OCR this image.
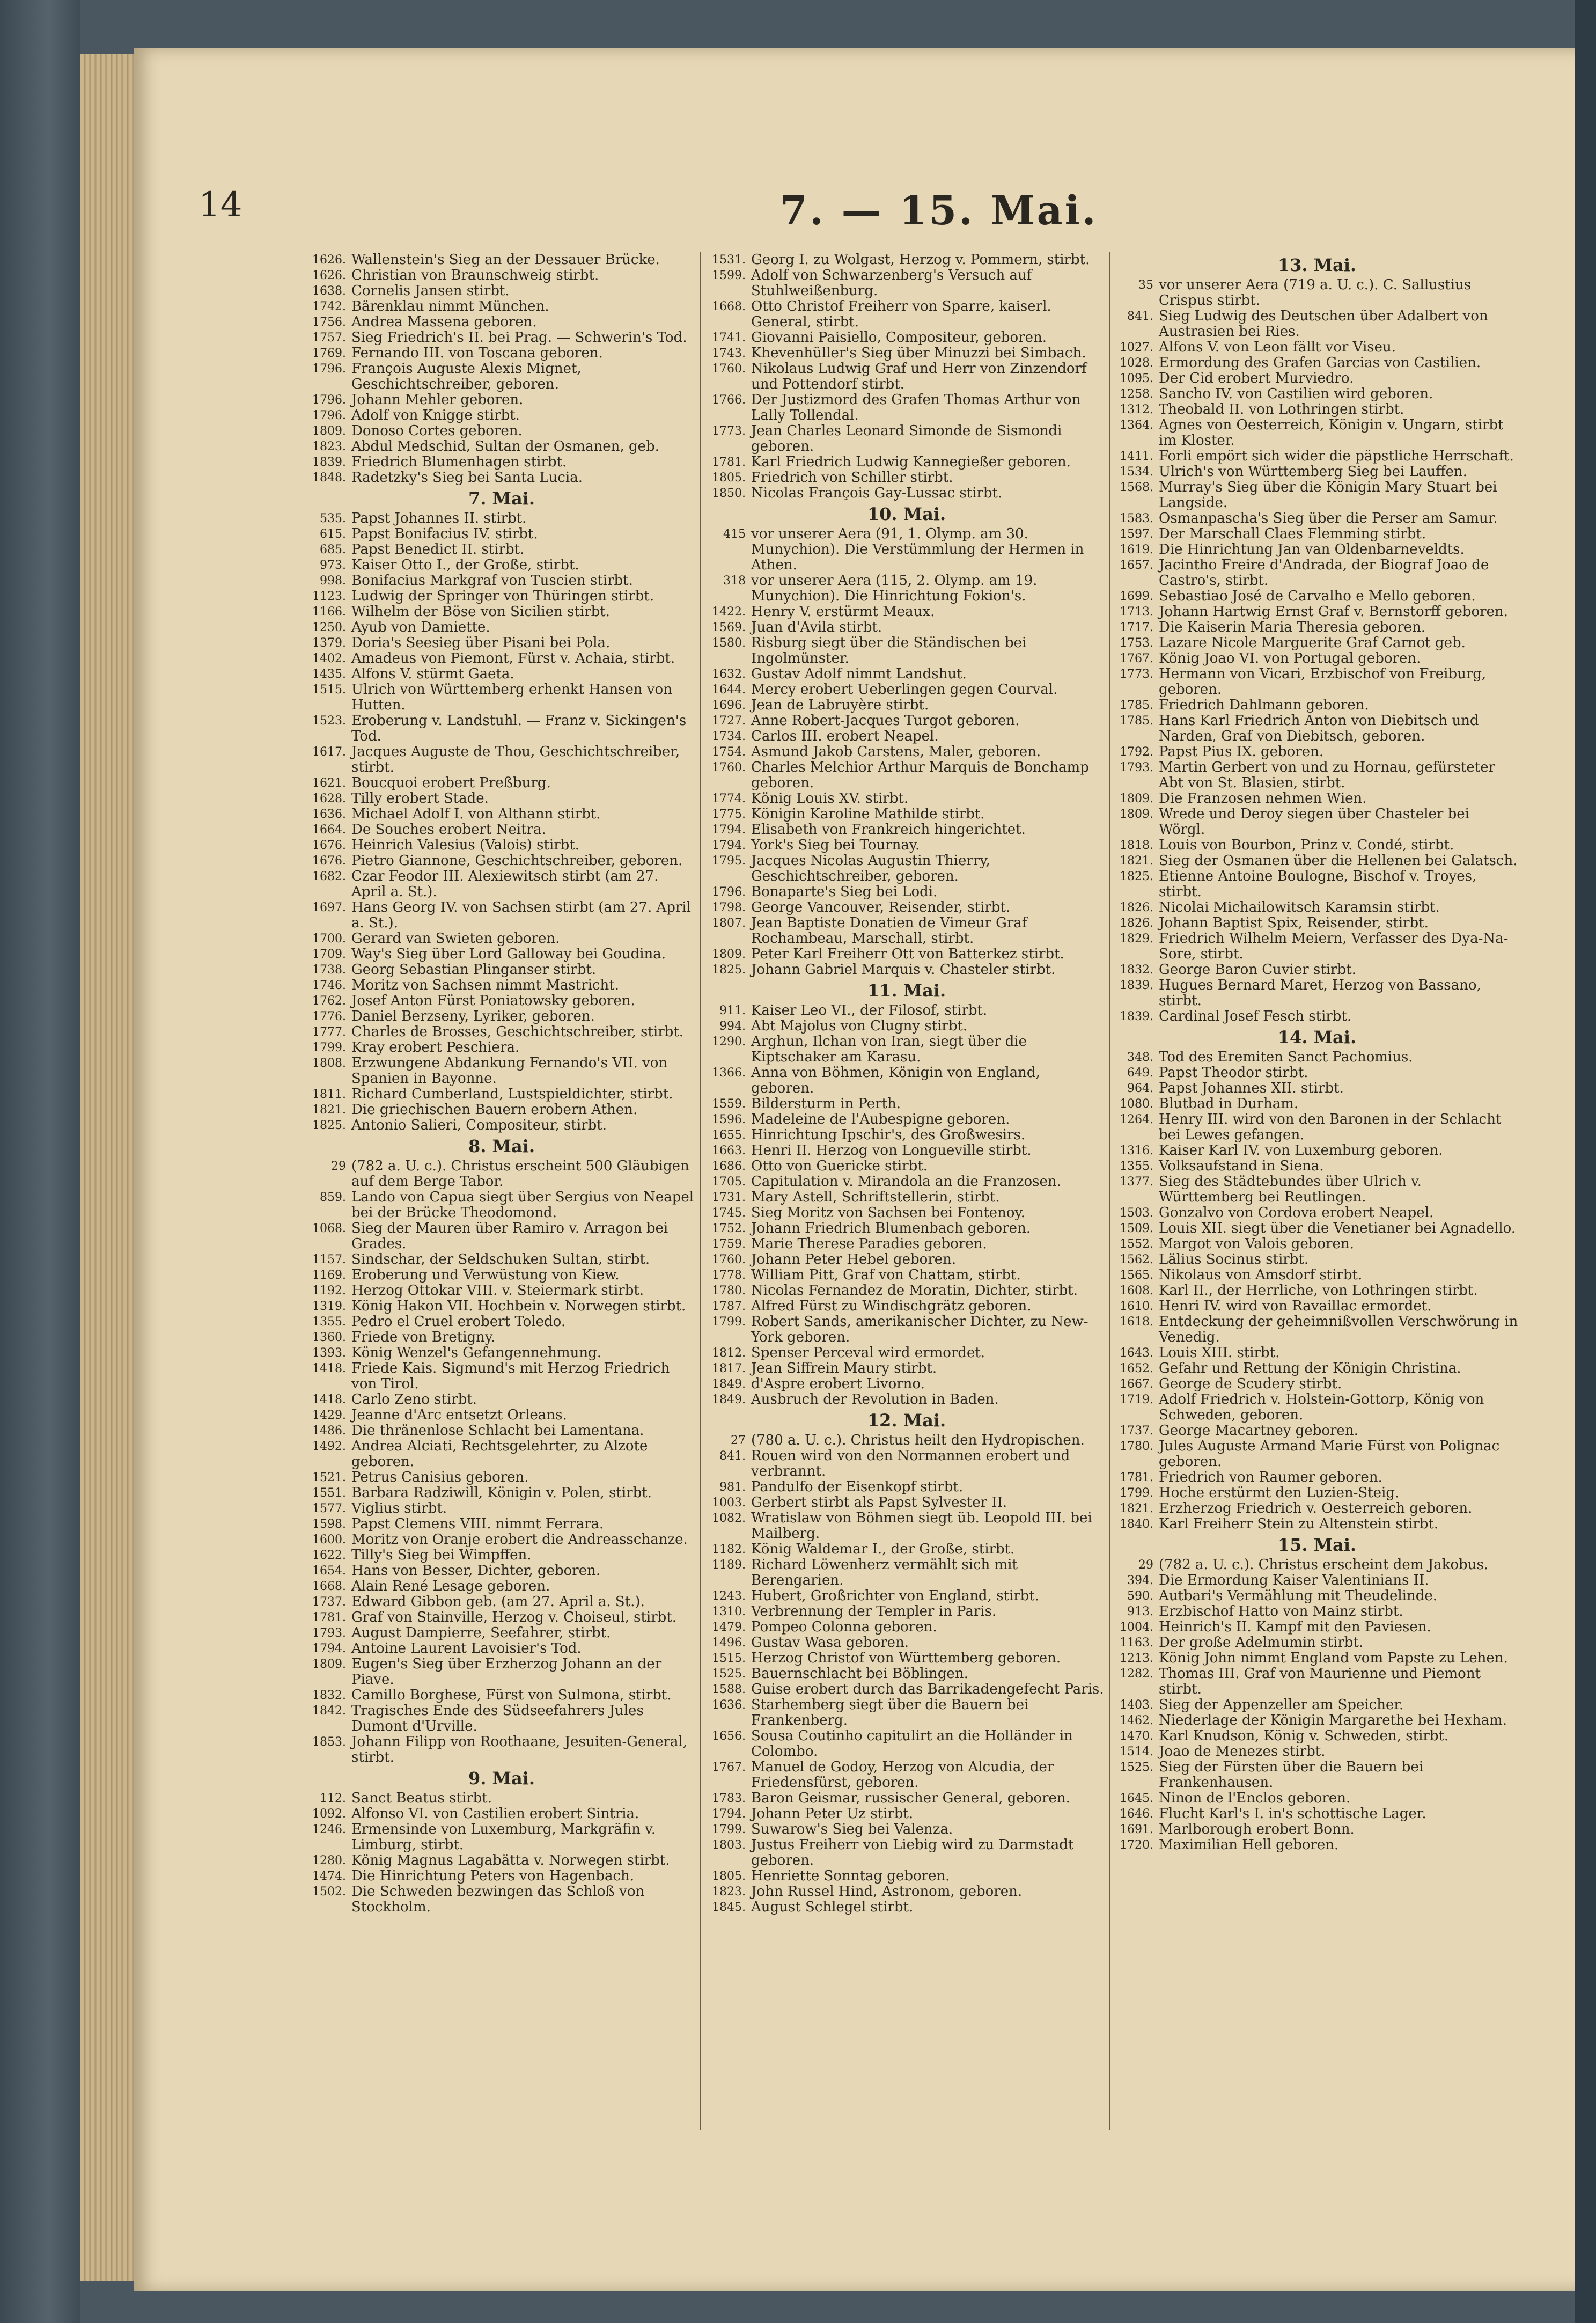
14	7. — 15. Mai.
1626. Wallenstein's Sieg an der Dessauer Brücke.
1626. Christian von Braunschweig stirbt.
1638. Cornelis Jansen stirbt.
1742. Bärenklau nimmt München.
1756. Andrea Massena geboren.
1757. Sieg Friedrich's II. bei Prag. — Schwerin's Tod.
1769. Fernando III. von Toscana geboren.
1796. François Auguste Alexis Mignet, Geschichtschreiber, geboren.
1796. Johann Mehler geboren.
1796. Adolf von Knigge stirbt.
1809. Donoso Cortes geboren.
1823. Abdul Medschid, Sultan der Osmanen, geb.
1839. Friedrich Blumenhagen stirbt.
1848. Radetzky's Sieg bei Santa Lucia.
7. Mai.
535. Papst Johannes II. stirbt.
615. Papst Bonifacius IV. stirbt.
685. Papst Benedict II. stirbt.
973. Kaiser Otto I., der Große, stirbt.
998. Bonifacius Markgraf von Tuscien stirbt.
1123. Ludwig der Springer von Thüringen stirbt.
1166. Wilhelm der Böse von Sicilien stirbt.
1250. Ayub von Damiette.
1379. Doria's Seesieg über Pisani bei Pola.
1402. Amadeus von Piemont, Fürst v. Achaia, stirbt.
1435. Alfons V. stürmt Gaeta.
1515. Ulrich von Württemberg erhenkt Hansen von Hutten.
1523. Eroberung v. Landstuhl. — Franz v. Sickingen's Tod.
1617. Jacques Auguste de Thou, Geschichtschreiber, stirbt.
1621. Boucquoi erobert Preßburg.
1628. Tilly erobert Stade.
1636. Michael Adolf I. von Althann stirbt.
1664. De Souches erobert Neitra.
1676. Heinrich Valesius (Valois) stirbt.
1676. Pietro Giannone, Geschichtschreiber, geboren.
1682. Czar Feodor III. Alexiewitsch stirbt (am 27. April a. St.).
1697. Hans Georg IV. von Sachsen stirbt (am 27. April a. St.).
1700. Gerard van Swieten geboren.
1709. Way's Sieg über Lord Galloway bei Goudina.
1738. Georg Sebastian Plinganser stirbt.
1746. Moritz von Sachsen nimmt Mastricht.
1762. Josef Anton Fürst Poniatowsky geboren.
1776. Daniel Berzseny, Lyriker, geboren.
1777. Charles de Brosses, Geschichtschreiber, stirbt.
1799. Kray erobert Peschiera.
1808. Erzwungene Abdankung Fernando's VII. von Spanien in Bayonne.
1811. Richard Cumberland, Lustspieldichter, stirbt.
1821. Die griechischen Bauern erobern Athen.
1825. Antonio Salieri, Compositeur, stirbt.
8. Mai.
29 (782 a. U. c.). Christus erscheint 500 Gläubigen auf dem Berge Tabor.
859. Lando von Capua siegt über Sergius von Neapel bei der Brücke Theodomond.
1068. Sieg der Mauren über Ramiro v. Arragon bei Grades.
1157. Sindschar, der Seldschuken Sultan, stirbt.
1169. Eroberung und Verwüstung von Kiew.
1192. Herzog Ottokar VIII. v. Steiermark stirbt.
1319. König Hakon VII. Hochbein v. Norwegen stirbt.
1355. Pedro el Cruel erobert Toledo.
1360. Friede von Bretigny.
1393. König Wenzel's Gefangennehmung.
1418. Friede Kais. Sigmund's mit Herzog Friedrich von Tirol.
1418. Carlo Zeno stirbt.
1429. Jeanne d'Arc entsetzt Orleans.
1486. Die thränenlose Schlacht bei Lamentana.
1492. Andrea Alciati, Rechtsgelehrter, zu Alzote geboren.
1521. Petrus Canisius geboren.
1551. Barbara Radziwill, Königin v. Polen, stirbt.
1577. Viglius stirbt.
1598. Papst Clemens VIII. nimmt Ferrara.
1600. Moritz von Oranje erobert die Andreasschanze.
1622. Tilly's Sieg bei Wimpffen.
1654. Hans von Besser, Dichter, geboren.
1668. Alain René Lesage geboren.
1737. Edward Gibbon geb. (am 27. April a. St.).
1781. Graf von Stainville, Herzog v. Choiseul, stirbt.
1793. August Dampierre, Seefahrer, stirbt.
1794. Antoine Laurent Lavoisier's Tod.
1809. Eugen's Sieg über Erzherzog Johann an der Piave.
1832. Camillo Borghese, Fürst von Sulmona, stirbt.
1842. Tragisches Ende des Südseefahrers Jules Dumont d'Urville.
1853. Johann Filipp von Roothaane, Jesuiten-General, stirbt.
9. Mai.
112. Sanct Beatus stirbt.
1092. Alfonso VI. von Castilien erobert Sintria.
1246. Ermensinde von Luxemburg, Markgräfin v. Limburg, stirbt.
1280. König Magnus Lagabätta v. Norwegen stirbt.
1474. Die Hinrichtung Peters von Hagenbach.
1502. Die Schweden bezwingen das Schloß von Stockholm.
1531. Georg I. zu Wolgast, Herzog v. Pommern, stirbt.
1599. Adolf von Schwarzenberg's Versuch auf Stuhlweißenburg.
1668. Otto Christof Freiherr von Sparre, kaiserl. General, stirbt.
1741. Giovanni Paisiello, Compositeur, geboren.
1743. Khevenhüller's Sieg über Minuzzi bei Simbach.
1760. Nikolaus Ludwig Graf und Herr von Zinzendorf und Pottendorf stirbt.
1766. Der Justizmord des Grafen Thomas Arthur von Lally Tollendal.
1773. Jean Charles Leonard Simonde de Sismondi geboren.
1781. Karl Friedrich Ludwig Kannegießer geboren.
1805. Friedrich von Schiller stirbt.
1850. Nicolas François Gay-Lussac stirbt.
10. Mai.
415 vor unserer Aera (91, 1. Olymp. am 30. Munychion). Die Verstümmlung der Hermen in Athen.
318 vor unserer Aera (115, 2. Olymp. am 19. Munychion). Die Hinrichtung Fokion's.
1422. Henry V. erstürmt Meaux.
1569. Juan d'Avila stirbt.
1580. Risburg siegt über die Ständischen bei Ingolmünster.
1632. Gustav Adolf nimmt Landshut.
1644. Mercy erobert Ueberlingen gegen Courval.
1696. Jean de Labruyère stirbt.
1727. Anne Robert-Jacques Turgot geboren.
1734. Carlos III. erobert Neapel.
1754. Asmund Jakob Carstens, Maler, geboren.
1760. Charles Melchior Arthur Marquis de Bonchamp geboren.
1774. König Louis XV. stirbt.
1775. Königin Karoline Mathilde stirbt.
1794. Elisabeth von Frankreich hingerichtet.
1794. York's Sieg bei Tournay.
1795. Jacques Nicolas Augustin Thierry, Geschichtschreiber, geboren.
1796. Bonaparte's Sieg bei Lodi.
1798. George Vancouver, Reisender, stirbt.
1807. Jean Baptiste Donatien de Vimeur Graf Rochambeau, Marschall, stirbt.
1809. Peter Karl Freiherr Ott von Batterkez stirbt.
1825. Johann Gabriel Marquis v. Chasteler stirbt.
11. Mai.
911. Kaiser Leo VI., der Filosof, stirbt.
994. Abt Majolus von Clugny stirbt.
1290. Arghun, Ilchan von Iran, siegt über die Kiptschaker am Karasu.
1366. Anna von Böhmen, Königin von England, geboren.
1559. Bildersturm in Perth.
1596. Madeleine de l'Aubespigne geboren.
1655. Hinrichtung Ipschir's, des Großwesirs.
1663. Henri II. Herzog von Longueville stirbt.
1686. Otto von Guericke stirbt.
1705. Capitulation v. Mirandola an die Franzosen.
1731. Mary Astell, Schriftstellerin, stirbt.
1745. Sieg Moritz von Sachsen bei Fontenoy.
1752. Johann Friedrich Blumenbach geboren.
1759. Marie Therese Paradies geboren.
1760. Johann Peter Hebel geboren.
1778. William Pitt, Graf von Chattam, stirbt.
1780. Nicolas Fernandez de Moratin, Dichter, stirbt.
1787. Alfred Fürst zu Windischgrätz geboren.
1799. Robert Sands, amerikanischer Dichter, zu New-York geboren.
1812. Spenser Perceval wird ermordet.
1817. Jean Siffrein Maury stirbt.
1849. d'Aspre erobert Livorno.
1849. Ausbruch der Revolution in Baden.
12. Mai.
27 (780 a. U. c.). Christus heilt den Hydropischen.
841. Rouen wird von den Normannen erobert und verbrannt.
981. Pandulfo der Eisenkopf stirbt.
1003. Gerbert stirbt als Papst Sylvester II.
1082. Wratislaw von Böhmen siegt üb. Leopold III. bei Mailberg.
1182. König Waldemar I., der Große, stirbt.
1189. Richard Löwenherz vermählt sich mit Berengarien.
1243. Hubert, Großrichter von England, stirbt.
1310. Verbrennung der Templer in Paris.
1479. Pompeo Colonna geboren.
1496. Gustav Wasa geboren.
1515. Herzog Christof von Württemberg geboren.
1525. Bauernschlacht bei Böblingen.
1588. Guise erobert durch das Barrikadengefecht Paris.
1636. Starhemberg siegt über die Bauern bei Frankenberg.
1656. Sousa Coutinho capitulirt an die Holländer in Colombo.
1767. Manuel de Godoy, Herzog von Alcudia, der Friedensfürst, geboren.
1783. Baron Geismar, russischer General, geboren.
1794. Johann Peter Uz stirbt.
1799. Suwarow's Sieg bei Valenza.
1803. Justus Freiherr von Liebig wird zu Darmstadt geboren.
1805. Henriette Sonntag geboren.
1823. John Russel Hind, Astronom, geboren.
1845. August Schlegel stirbt.
13. Mai.
35 vor unserer Aera (719 a. U. c.). C. Sallustius Crispus stirbt.
841. Sieg Ludwig des Deutschen über Adalbert von Austrasien bei Ries.
1027. Alfons V. von Leon fällt vor Viseu.
1028. Ermordung des Grafen Garcias von Castilien.
1095. Der Cid erobert Murviedro.
1258. Sancho IV. von Castilien wird geboren.
1312. Theobald II. von Lothringen stirbt.
1364. Agnes von Oesterreich, Königin v. Ungarn, stirbt im Kloster.
1411. Forli empört sich wider die päpstliche Herrschaft.
1534. Ulrich's von Württemberg Sieg bei Lauffen.
1568. Murray's Sieg über die Königin Mary Stuart bei Langside.
1583. Osmanpascha's Sieg über die Perser am Samur.
1597. Der Marschall Claes Flemming stirbt.
1619. Die Hinrichtung Jan van Oldenbarneveldts.
1657. Jacintho Freire d'Andrada, der Biograf Joao de Castro's, stirbt.
1699. Sebastiao José de Carvalho e Mello geboren.
1713. Johann Hartwig Ernst Graf v. Bernstorff geboren.
1717. Die Kaiserin Maria Theresia geboren.
1753. Lazare Nicole Marguerite Graf Carnot geb.
1767. König Joao VI. von Portugal geboren.
1773. Hermann von Vicari, Erzbischof von Freiburg, geboren.
1785. Friedrich Dahlmann geboren.
1785. Hans Karl Friedrich Anton von Diebitsch und Narden, Graf von Diebitsch, geboren.
1792. Papst Pius IX. geboren.
1793. Martin Gerbert von und zu Hornau, gefürsteter Abt von St. Blasien, stirbt.
1809. Die Franzosen nehmen Wien.
1809. Wrede und Deroy siegen über Chasteler bei Wörgl.
1818. Louis von Bourbon, Prinz v. Condé, stirbt.
1821. Sieg der Osmanen über die Hellenen bei Galatsch.
1825. Etienne Antoine Boulogne, Bischof v. Troyes, stirbt.
1826. Nicolai Michailowitsch Karamsin stirbt.
1826. Johann Baptist Spix, Reisender, stirbt.
1829. Friedrich Wilhelm Meiern, Verfasser des Dya-Na-Sore, stirbt.
1832. George Baron Cuvier stirbt.
1839. Hugues Bernard Maret, Herzog von Bassano, stirbt.
1839. Cardinal Josef Fesch stirbt.
14. Mai.
348. Tod des Eremiten Sanct Pachomius.
649. Papst Theodor stirbt.
964. Papst Johannes XII. stirbt.
1080. Blutbad in Durham.
1264. Henry III. wird von den Baronen in der Schlacht bei Lewes gefangen.
1316. Kaiser Karl IV. von Luxemburg geboren.
1355. Volksaufstand in Siena.
1377. Sieg des Städtebundes über Ulrich v. Württemberg bei Reutlingen.
1503. Gonzalvo von Cordova erobert Neapel.
1509. Louis XII. siegt über die Venetianer bei Agnadello.
1552. Margot von Valois geboren.
1562. Lälius Socinus stirbt.
1565. Nikolaus von Amsdorf stirbt.
1608. Karl II., der Herrliche, von Lothringen stirbt.
1610. Henri IV. wird von Ravaillac ermordet.
1618. Entdeckung der geheimnißvollen Verschwörung in Venedig.
1643. Louis XIII. stirbt.
1652. Gefahr und Rettung der Königin Christina.
1667. George de Scudery stirbt.
1719. Adolf Friedrich v. Holstein-Gottorp, König von Schweden, geboren.
1737. George Macartney geboren.
1780. Jules Auguste Armand Marie Fürst von Polignac geboren.
1781. Friedrich von Raumer geboren.
1799. Hoche erstürmt den Luzien-Steig.
1821. Erzherzog Friedrich v. Oesterreich geboren.
1840. Karl Freiherr Stein zu Altenstein stirbt.
15. Mai.
29 (782 a. U. c.). Christus erscheint dem Jakobus.
394. Die Ermordung Kaiser Valentinians II.
590. Autbari's Vermählung mit Theudelinde.
913. Erzbischof Hatto von Mainz stirbt.
1004. Heinrich's II. Kampf mit den Paviesen.
1163. Der große Adelmumin stirbt.
1213. König John nimmt England vom Papste zu Lehen.
1282. Thomas III. Graf von Maurienne und Piemont stirbt.
1403. Sieg der Appenzeller am Speicher.
1462. Niederlage der Königin Margarethe bei Hexham.
1470. Karl Knudson, König v. Schweden, stirbt.
1514. Joao de Menezes stirbt.
1525. Sieg der Fürsten über die Bauern bei Frankenhausen.
1645. Ninon de l'Enclos geboren.
1646. Flucht Karl's I. in's schottische Lager.
1691. Marlborough erobert Bonn.
1720. Maximilian Hell geboren.
